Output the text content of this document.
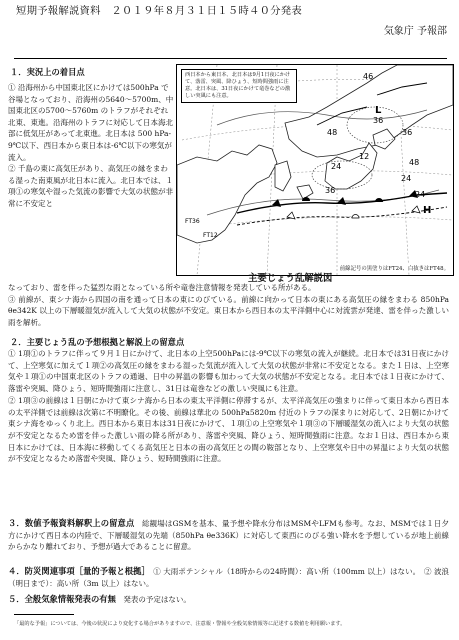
短期予報解説資料　２０１９年８月３１日１５時４０分発表
気象庁 予報部
１．実況上の着目点
① 沿海州から中国東北区にかけては500hPa で谷場となっており、沿海州の5640～5700m、中国東北区の5700～5760m のトラフがそれぞれ北東、東進。沿海州のトラフに対応して日本海北部に低気圧があって北東進。北日本は 500 hPa-9℃以下、西日本から東日本は-6℃以下の寒気が流入。
② 千島の東に高気圧があり、高気圧の縁をまわる湿った南東風が北日本に流入。北日本では、１項①の寒気や湿った気流の影響で大気の状態が非常に不安定と
46
36
36
48
24
24
48
24
12
36
H
L
FT36
FT12
西日本から東日本、北日本は9月1日夜にかけて、落雷、突風、降ひょう、短時間強雨に注意。北日本は、31日夜にかけて竜巻などの激しい突風にも注意。
前線記号の黒塗りはFT24、白抜きはFT48。
主要じょう乱解説図

なっており、雷を伴った猛烈な雨となっている所や竜巻注意情報を発表している所がある。

③ 前線が、東シナ海から四国の南を通って日本の東にのびている。前線に向かって日本の東にある高気圧の縁をまわる 850hPa θe342K 以上の下層暖湿気が流入して大気の状態が不安定。東日本から西日本の太平洋側中心に対流雲が発達、雷を伴った激しい雨を解析。

２．主要じょう乱の予想根拠と解説上の留意点

① 1項①のトラフに伴って９月１日にかけて、北日本の上空500hPaには-9℃以下の寒気の流入が継続。北日本では31日夜にかけて、上空寒気に加えて１項②の高気圧の縁をまわる湿った気流が流入して大気の状態が非常に不安定となる。また１日は、上空寒気や１項①の中国東北区のトラフの通過、日中の昇温の影響も加わって大気の状態が不安定となる。北日本では１日夜にかけて、落雷や突風、降ひょう、短時間強雨に注意し、31日は竜巻などの激しい突風にも注意。

② 1項③の前線は１日朝にかけて東シナ海から日本の東太平洋側に停滞するが、太平洋高気圧の強まりに伴って東日本から西日本の太平洋側では前線は次第に不明瞭化。その後、前線は華北の 500hPa5820m 付近のトラフの深まりに対応して、2日朝にかけて東シナ海をゆっくり北上。西日本から東日本は31日夜にかけて、１項①の上空寒気や１項③の下層暖湿気の流入により大気の状態が不安定となるため雷を伴った激しい雨の降る所があり、落雷や突風、降ひょう、短時間強雨に注意。なお１日は、西日本から東日本にかけては、日本海に移動してくる高気圧と日本の南の高気圧との間の鞍部となり、上空寒気や日中の昇温により大気の状態が不安定となるため落雷や突風、降ひょう、短時間強雨に注意。

３．数値予報資料解釈上の留意点　 総観場はGSMを基本、量予想や降水分布はMSMやLFMも参考。なお、MSMでは１日夕方にかけて西日本の内陸で、下層暖湿気の先端（850hPa θe336K）に対応して東西にのびる強い降水を予想しているが地上前線からかなり離れており、予想が過大であることに留意。

４．防災関連事項［量的予報と根拠］　 ① 大雨ポテンシャル（18時からの24時間）：高い所（100mm 以上）はない。　② 波浪（明日まで）：高い所（3m 以上）はない。

５．全般気象情報発表の有無　 発表の予定はない。

「最的な予報」については、今後の状況により変化する場合がありますので、注意報・警報や全般気象情報等に記述する数値を利用願います。
